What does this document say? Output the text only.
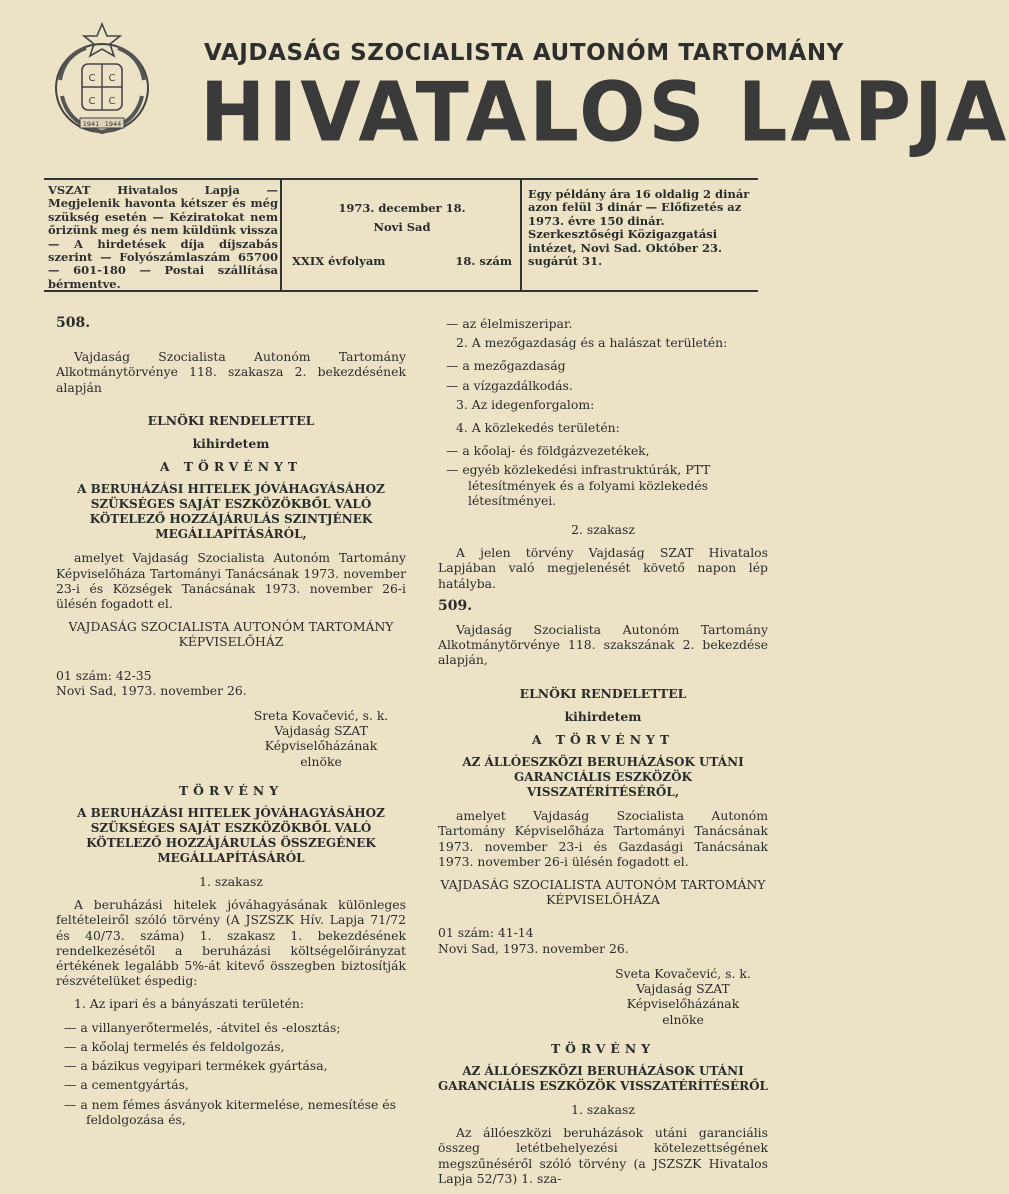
C C
C C
1941 1944
VAJDASÁG SZOCIALISTA AUTONÓM TARTOMÁNY
HIVATALOS LAPJA
VSZAT Hivatalos Lapja — Megjelenik havonta kétszer és még szükség esetén — Kéziratokat nem őrizünk meg és nem küldünk vissza — A hirdetések díja díjszabás szerint — Folyószámlaszám 65700 — 601-180 — Postai szállítása bérmentve.
1973. december 18.
Novi Sad
XXIX évfolyam	18. szám
Egy példány ára 16 oldalig 2 dinár azon felül 3 dinár — Előfizetés az 1973. évre 150 dinár. Szerkesztőségi Közigazgatási intézet, Novi Sad. Október 23. sugárút 31.
508.
Vajdaság Szocialista Autonóm Tartomány Alkotmánytörvénye 118. szakasza 2. bekezdésének alapján
ELNÖKI RENDELETTEL
kihirdetem
A TÖRVÉNYT
A BERUHÁZÁSI HITELEK JÓVÁHAGYÁSÁHOZ SZÜKSÉGES SAJÁT ESZKÖZÖKBŐL VALÓ KÖTELEZŐ HOZZÁJÁRULÁS SZINTJÉNEK MEGÁLLAPÍTÁSÁRÓL,
amelyet Vajdaság Szocialista Autonóm Tartomány Képviselőháza Tartományi Tanácsának 1973. november 23-i és Községek Tanácsának 1973. november 26-i ülésén fogadott el.
VAJDASÁG SZOCIALISTA AUTONÓM TARTOMÁNY KÉPVISELŐHÁZ
01 szám: 42-35
Novi Sad, 1973. november 26.
Sreta Kovačević, s. k.
Vajdaság SZAT
Képviselőházának elnöke
TÖRVÉNY
A BERUHÁZÁSI HITELEK JÓVÁHAGYÁSÁHOZ SZÜKSÉGES SAJÁT ESZKÖZÖKBŐL VALÓ KÖTELEZŐ HOZZÁJÁRULÁS ÖSSZEGÉNEK MEGÁLLAPÍTÁSÁRÓL
1. szakasz
A beruházási hitelek jóváhagyásának különleges feltételeiről szóló törvény (A JSZSZK Hív. Lapja 71/72 és 40/73. száma) 1. szakasz 1. bekezdésének rendelkezésétől a beruházási költségelőirányzat értékének legalább 5%-át kitevő összegben biztosítják részvételüket éspedig:
1. Az ipari és a bányászati területén:
— a villanyerőtermelés, -átvitel és -elosztás;
— a kőolaj termelés és feldolgozás,
— a bázikus vegyipari termékek gyártása,
— a cementgyártás,
— a nem fémes ásványok kitermelése, nemesítése és feldolgozása és,
— az élelmiszeripar.
2. A mezőgazdaság és a halászat területén:
— a mezőgazdaság
— a vízgazdálkodás.
3. Az idegenforgalom:
4. A közlekedés területén:
— a kőolaj- és földgázvezetékek,
— egyéb közlekedési infrastruktúrák, PTT létesítmények és a folyami közlekedés létesítményei.
2. szakasz
A jelen törvény Vajdaság SZAT Hivatalos Lapjában való megjelenését követő napon lép hatályba.
509.
Vajdaság Szocialista Autonóm Tartomány Alkotmánytörvénye 118. szakszának 2. bekezdése alapján,
ELNÖKI RENDELETTEL
kihirdetem
A TÖRVÉNYT
AZ ÁLLÓESZKÖZI BERUHÁZÁSOK UTÁNI GARANCIÁLIS ESZKÖZÖK VISSZATÉRÍTÉSÉRŐL,
amelyet Vajdaság Szocialista Autonóm Tartomány Képviselőháza Tartományi Tanácsának 1973. november 23-i és Gazdasági Tanácsának 1973. november 26-i ülésén fogadott el.
VAJDASÁG SZOCIALISTA AUTONÓM TARTOMÁNY KÉPVISELŐHÁZA
01 szám: 41-14
Novi Sad, 1973. november 26.
Sveta Kovačević, s. k.
Vajdaság SZAT
Képviselőházának elnöke
TÖRVÉNY
AZ ÁLLÓESZKÖZI BERUHÁZÁSOK UTÁNI GARANCIÁLIS ESZKÖZÖK VISSZATÉRÍTÉSÉRŐL
1. szakasz
Az állóeszközi beruházások utáni garanciális összeg letétbehelyezési kötelezettségének megszűnéséről szóló törvény (a JSZSZK Hivatalos Lapja 52/73) 1. sza-
